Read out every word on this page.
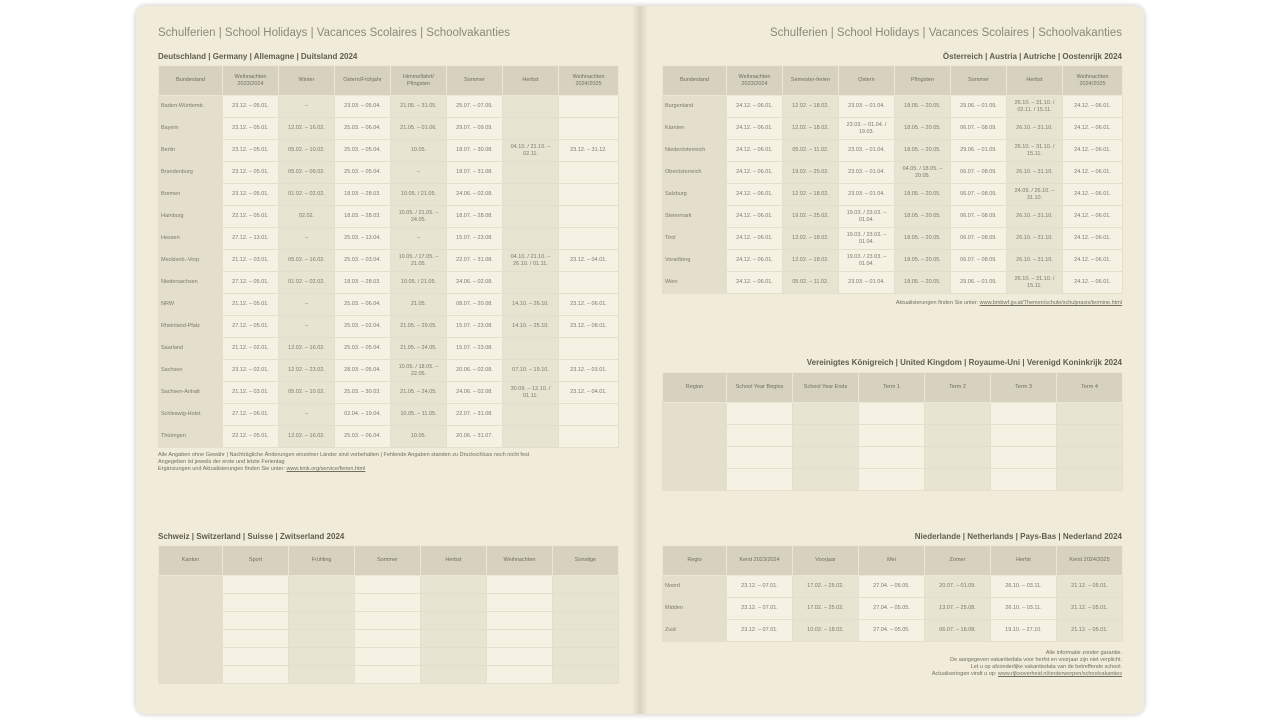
Schulferien | School Holidays | Vacances Scolaires | Schoolvakanties
Deutschland | Germany | Allemagne | Duitsland 2024
Bundesland	Weihnachten 2023/2024	Winter	Ostern/Frühjahr	Himmelfahrt/ Pfingsten	Sommer	Herbst	Weihnachten 2024/2025
Baden-Württemb.	23.12. – 05.01.	–	23.03. – 05.04.	21.05. – 31.05.	25.07. – 07.09.		
Bayern	23.12. – 05.01.	12.02. – 16.02.	25.03. – 06.04.	21.05. – 01.06.	29.07. – 09.09.		
Berlin	23.12. – 05.01.	05.02. – 10.02.	25.03. – 05.04.	10.05.	18.07. – 30.08.	04.10. / 21.10. – 02.11.	23.12. – 31.12.
Brandenburg	23.12. – 05.01.	05.02. – 09.02.	25.03. – 05.04.	–	18.07. – 31.08.		
Bremen	23.12. – 05.01.	01.02. – 02.02.	18.03. – 28.03.	10.05. / 21.05.	24.06. – 02.08.		
Hamburg	22.12. – 05.01.	02.02.	18.03. – 28.03.	10.05. / 21.05. – 24.05.	18.07. – 28.08.		
Hessen	27.12. – 13.01.	–	25.03. – 13.04.	–	15.07. – 23.08.		
Mecklenb.-Vorp.	21.12. – 03.01.	05.02. – 16.02.	25.03. – 03.04.	10.05. / 17.05. – 21.05.	22.07. – 31.08.	04.10. / 21.10. – 26.10. / 01.11.	23.12. – 04.01.
Niedersachsen	27.12. – 05.01.	01.02. – 02.02.	18.03. – 28.03.	10.05. / 21.05.	24.06. – 02.08.		
NRW	21.12. – 05.01.	–	25.03. – 06.04.	21.05.	08.07. – 20.08.	14.10. – 26.10.	23.12. – 06.01.
Rheinland-Pfalz	27.12. – 05.01.	–	25.03. – 02.04.	21.05. – 29.05.	15.07. – 23.08.	14.10. – 25.10.	23.12. – 08.01.
Saarland	21.12. – 02.01.	12.02. – 16.02.	25.03. – 05.04.	21.05. – 24.05.	15.07. – 23.08.		
Sachsen	23.12. – 02.01.	12.02. – 23.02.	28.03. – 05.04.	10.05. / 18.05. – 22.05.	20.06. – 02.08.	07.10. – 19.10.	23.12. – 03.01.
Sachsen-Anhalt	21.12. – 03.01.	05.02. – 10.02.	25.03. – 30.03.	21.05. – 24.05.	24.06. – 02.08.	30.09. – 12.10. / 01.11.	23.12. – 04.01.
Schleswig-Holst.	27.12. – 06.01.	–	02.04. – 19.04.	10.05. – 11.05.	22.07. – 31.08.		
Thüringen	22.12. – 05.01.	12.02. – 16.02.	25.03. – 06.04.	10.05.	20.06. – 31.07.		
Alle Angaben ohne Gewähr | Nachträgliche Änderungen einzelner Länder sind vorbehalten | Fehlende Angaben standen zu Druckschluss noch nicht fest
Angegeben ist jeweils der erste und letzte Ferientag
Ergänzungen und Aktualisierungen finden Sie unter: www.kmk.org/service/ferien.html
Schweiz | Switzerland | Suisse | Zwitserland 2024
Kanton	Sport	Frühling	Sommer	Herbst	Weihnachten	Sonstige

Schulferien | School Holidays | Vacances Scolaires | Schoolvakanties
Österreich | Austria | Autriche | Oostenrijk 2024
Bundesland	Weihnachten 2023/2024	Semester-ferien	Ostern	Pfingsten	Sommer	Herbst	Weihnachten 2024/2025
Burgenland	24.12. – 06.01.	12.02. – 18.02.	23.03. – 01.04.	18.05. – 20.05.	29.06. – 01.09.	26.10. – 31.10. / 02.11. / 15.11.	24.12. – 06.01.
Kärnten	24.12. – 06.01.	12.02. – 18.02.	23.03. – 01.04. / 19.03.	18.05. – 20.05.	06.07. – 08.09.	26.10. – 31.10.	24.12. – 06.01.
Niederösterreich	24.12. – 06.01.	05.02. – 11.02.	23.03. – 01.04.	18.05. – 20.05.	29.06. – 01.09.	26.10. – 31.10. / 15.11.	24.12. – 06.01.
Oberösterreich	24.12. – 06.01.	19.02. – 25.02.	23.03. – 01.04.	04.05. / 18.05. – 20.05.	06.07. – 08.09.	26.10. – 31.10.	24.12. – 06.01.
Salzburg	24.12. – 06.01.	12.02. – 18.02.	23.03. – 01.04.	18.05. – 20.05.	06.07. – 08.09.	24.09. / 26.10. – 31.10.	24.12. – 06.01.
Steiermark	24.12. – 06.01.	19.02. – 25.02.	19.03. / 23.03. – 01.04.	18.05. – 20.05.	06.07. – 08.09.	26.10. – 31.10.	24.12. – 06.01.
Tirol	24.12. – 06.01.	12.02. – 18.02.	19.03. / 23.03. – 01.04.	18.05. – 20.05.	06.07. – 08.09.	26.10. – 31.10.	24.12. – 06.01.
Vorarlberg	24.12. – 06.01.	12.02. – 18.02.	19.03. / 23.03. – 01.04.	18.05. – 20.05.	06.07. – 08.09.	26.10. – 31.10.	24.12. – 06.01.
Wien	24.12. – 06.01.	05.02. – 11.02.	23.03. – 01.04.	18.05. – 20.05.	29.06. – 01.09.	26.10. – 31.10. / 15.11.	24.12. – 06.01.
Aktualisierungen finden Sie unter: www.bmbwf.gv.at/Themen/schule/schulpraxis/termine.html
Vereinigtes Königreich | United Kingdom | Royaume-Uni | Verenigd Koninkrijk 2024
Region	School Year Begins	School Year Ends	Term 1	Term 2	Term 3	Term 4

Niederlande | Netherlands | Pays-Bas | Nederland 2024
Regio	Kerst 2023/2024	Voorjaar	Mei	Zomer	Herfst	Kerst 2024/2025
Noord	23.12. – 07.01.	17.02. – 25.02.	27.04. – 05.05.	20.07. – 01.09.	26.10. – 03.11.	21.12. – 05.01.
Midden	23.12. – 07.01.	17.02. – 25.02.	27.04. – 05.05.	13.07. – 25.08.	26.10. – 03.11.	21.12. – 05.01.
Zuid	23.12. – 07.01.	10.02. – 18.02.	27.04. – 05.05.	06.07. – 18.08.	19.10. – 27.10.	21.12. – 05.01.
Alle informatie zonder garantie.
De aangegeven vakantiedata voor herfst en voorjaar zijn niet verplicht.
Let u op afzonderlijke vakantiedata van de betreffende school.
Actualiseringen vindt u op: www.rijksoverheid.nl/onderwerpen/schoolvakanties
